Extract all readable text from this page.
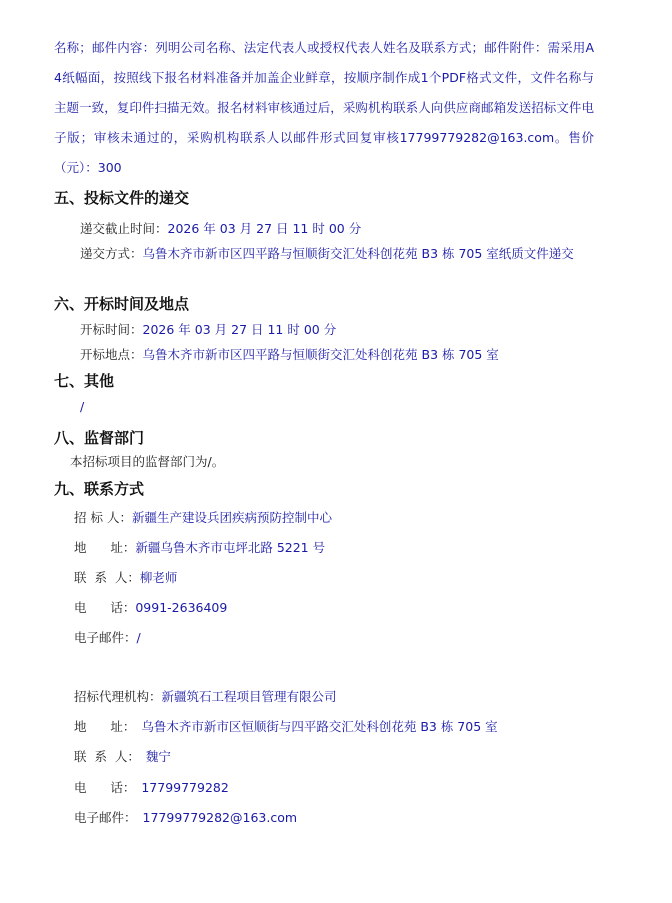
名称；邮件内容：列明公司名称、法定代表人或授权代表人姓名及联系方式；邮件附件：需采用A4纸幅面，按照线下报名材料准备并加盖企业鲜章，按顺序制作成1个PDF格式文件，文件名称与主题一致，复印件扫描无效。报名材料审核通过后，采购机构联系人向供应商邮箱发送招标文件电子版；审核未通过的，采购机构联系人以邮件形式回复审核17799779282@163.com。售价（元）：300
五、投标文件的递交
递交截止时间：2026 年 03 月 27 日 11 时 00 分
递交方式：乌鲁木齐市新市区四平路与恒顺街交汇处科创花苑 B3 栋 705 室纸质文件递交
六、开标时间及地点
开标时间：2026 年 03 月 27 日 11 时 00 分
开标地点：乌鲁木齐市新市区四平路与恒顺街交汇处科创花苑 B3 栋 705 室
七、其他
/
八、监督部门
本招标项目的监督部门为/。
九、联系方式
招 标 人：新疆生产建设兵团疾病预防控制中心
地      址：新疆乌鲁木齐市屯坪北路 5221 号
联  系  人：柳老师
电      话：0991-2636409
电子邮件：/
招标代理机构：新疆筑石工程项目管理有限公司
地      址： 乌鲁木齐市新市区恒顺街与四平路交汇处科创花苑 B3 栋 705 室
联  系  人： 魏宁
电      话： 17799779282
电子邮件： 17799779282@163.com
